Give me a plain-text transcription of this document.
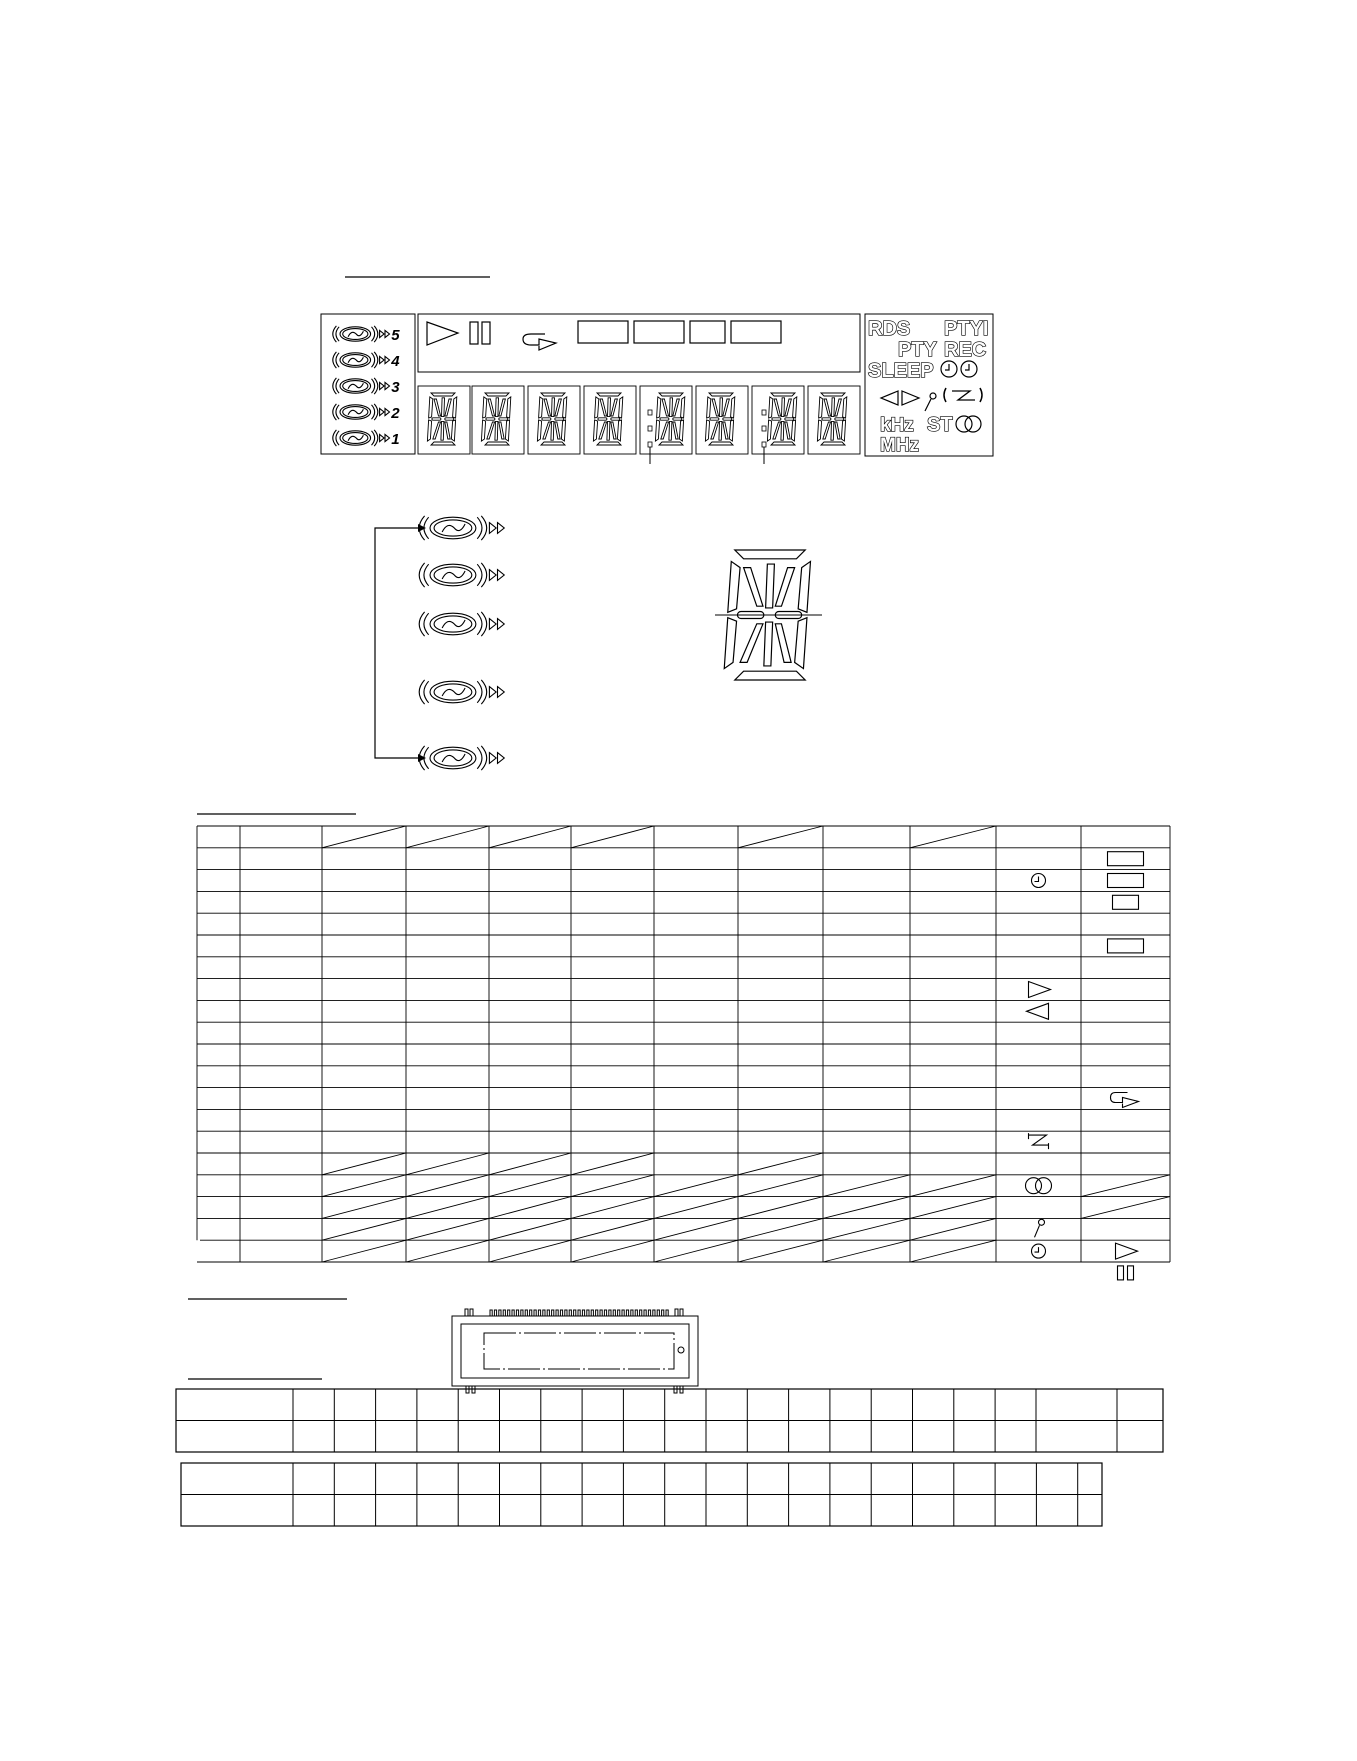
5
4
3
2
1
RDS PTYI
PTY REC
SLEEP
kHz ST
MHz
